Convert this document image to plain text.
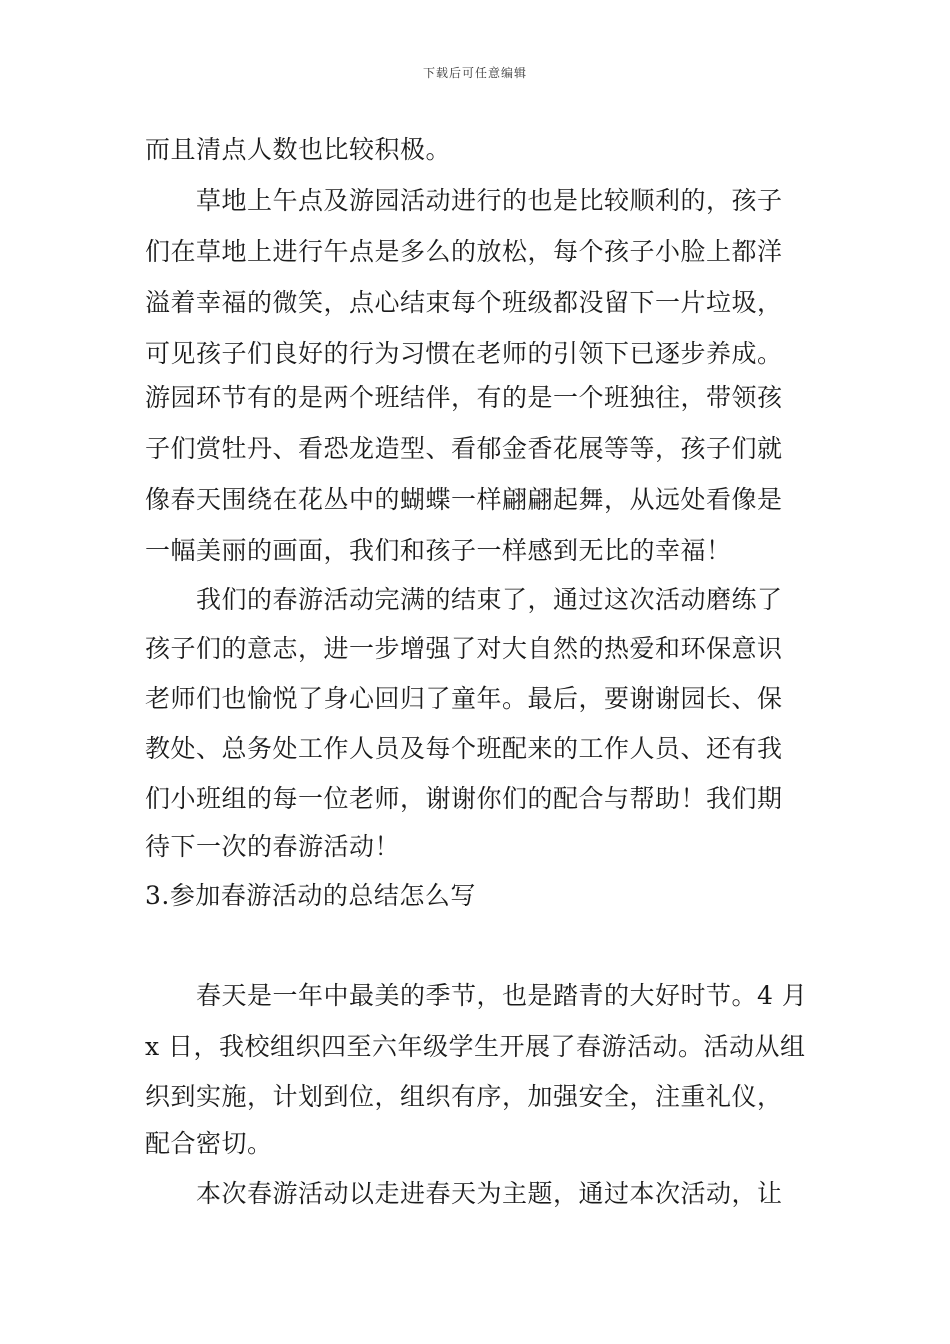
下载后可任意编辑
而且清点人数也比较积极。
草地上午点及游园活动进行的也是比较顺利的，孩子
们在草地上进行午点是多么的放松，每个孩子小脸上都洋
溢着幸福的微笑，点心结束每个班级都没留下一片垃圾，
可见孩子们良好的行为习惯在老师的引领下已逐步养成。
游园环节有的是两个班结伴，有的是一个班独往，带领孩
子们赏牡丹、看恐龙造型、看郁金香花展等等，孩子们就
像春天围绕在花丛中的蝴蝶一样翩翩起舞，从远处看像是
一幅美丽的画面，我们和孩子一样感到无比的幸福！
我们的春游活动完满的结束了，通过这次活动磨练了
孩子们的意志，进一步增强了对大自然的热爱和环保意识
老师们也愉悦了身心回归了童年。最后，要谢谢园长、保
教处、总务处工作人员及每个班配来的工作人员、还有我
们小班组的每一位老师，谢谢你们的配合与帮助！我们期
待下一次的春游活动！
3.参加春游活动的总结怎么写
春天是一年中最美的季节，也是踏青的大好时节。4 月
x 日，我校组织四至六年级学生开展了春游活动。活动从组
织到实施，计划到位，组织有序，加强安全，注重礼仪，
配合密切。
本次春游活动以走进春天为主题，通过本次活动，让
